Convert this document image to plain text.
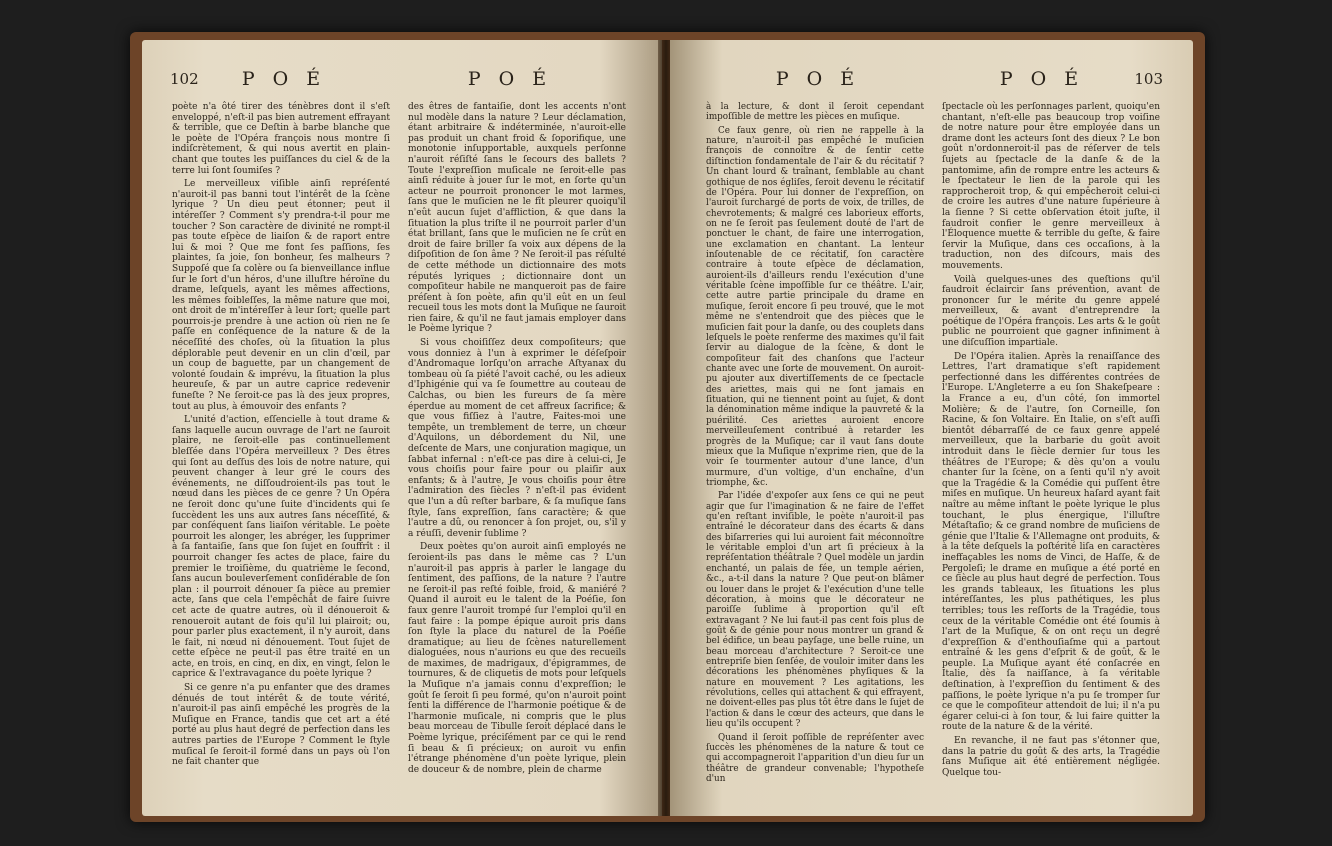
102	P O É	P O É

poète n'a ôté tirer des ténèbres dont il s'eſt enveloppé, n'eſt-il pas bien autrement effrayant & terrible, que ce Deſtin à barbe blanche que le poète de l'Opéra françois nous montre ſi indiſcrètement, & qui nous avertit en plain-chant que toutes les puiſſances du ciel & de la terre lui ſont ſoumiſes ?

Le merveilleux viſible ainſi repréſenté n'auroit-il pas banni tout l'intérêt de la ſcène lyrique ? Un dieu peut étonner; peut il intéreſſer ? Comment s'y prendra-t-il pour me toucher ? Son caractère de divinité ne rompt-il pas toute eſpèce de liaiſon & de raport entre lui & moi ? Que me font ſes paſſions, ſes plaintes, ſa joie, ſon bonheur, ſes malheurs ? Suppoſé que ſa colère ou ſa bienveillance influe ſur le ſort d'un héros, d'une illuſtre héroïne du drame, leſquels, ayant les mêmes affections, les mêmes foibleſſes, la même nature que moi, ont droit de m'intéreſſer à leur ſort; quelle part pourrois-je prendre à une action où rien ne ſe paſſe en conſéquence de la nature & de la néceſſité des choſes, où la ſituation la plus déplorable peut devenir en un clin d'œil, par un coup de baguette, par un changement de volonté ſoudain & imprévu, la ſituation la plus heureuſe, & par un autre caprice redevenir funeſte ? Ne ſeroit-ce pas là des jeux propres, tout au plus, à émouvoir des enfants ?

L'unité d'action, eſſencielle à tout drame & ſans laquelle aucun ouvrage de l'art ne ſauroit plaire, ne ſeroit-elle pas continuellement bleſſée dans l'Opéra merveilleux ? Des êtres qui ſont au deſſus des lois de notre nature, qui peuvent changer à leur gré le cours des événements, ne diſſoudroient-ils pas tout le nœud dans les pièces de ce genre ? Un Opéra ne ſeroit donc qu'une ſuite d'incidents qui ſe ſuccèdent les uns aux autres ſans néceſſité, & par conſéquent ſans liaiſon véritable. Le poète pourroit les alonger, les abréger, les ſupprimer à ſa fantaiſie, ſans que ſon ſujet en ſouffrît : il pourroit changer ſes actes de place, faire du premier le troiſième, du quatrième le ſecond, ſans aucun bouleverſement conſidérable de ſon plan : il pourroit dénouer ſa pièce au premier acte, ſans que cela l'empêchât de faire ſuivre cet acte de quatre autres, où il dénoueroit & renoueroit autant de fois qu'il lui plairoit; ou, pour parler plus exactement, il n'y auroit, dans le fait, ni nœud ni dénouement. Tout ſujet de cette eſpèce ne peut-il pas être traité en un acte, en trois, en cinq, en dix, en vingt, ſelon le caprice & l'extravagance du poète lyrique ?

Si ce genre n'a pu enfanter que des drames dénués de tout intérêt & de toute vérité, n'auroit-il pas ainſi empêché les progrès de la Muſique en France, tandis que cet art a été porté au plus haut degré de perfection dans les autres parties de l'Europe ? Comment le ſtyle muſical ſe ſeroit-il formé dans un pays où l'on ne fait chanter que

des êtres de fantaiſie, dont les accents n'ont nul modèle dans la nature ? Leur déclamation, étant arbitraire & indéterminée, n'auroit-elle pas produit un chant froid & ſoporifique, une monotonie inſupportable, auxquels perſonne n'auroit réſiſté ſans le ſecours des ballets ? Toute l'expreſſion muſicale ne ſeroit-elle pas ainſi réduite à jouer ſur le mot, en ſorte qu'un acteur ne pourroit prononcer le mot larmes, ſans que le muſicien ne le fît pleurer quoiqu'il n'eût aucun ſujet d'affliction, & que dans la ſituation la plus triſte il ne pourroit parler d'un état brillant, ſans que le muſicien ne ſe crût en droit de faire briller ſa voix aux dépens de la diſpoſition de ſon âme ? Ne ſeroit-il pas réſulté de cette méthode un dictionnaire des mots réputés lyriques ; dictionnaire dont un compoſiteur habile ne manqueroit pas de faire préſent à ſon poète, afin qu'il eût en un ſeul recueil tous les mots dont la Muſique ne ſauroit rien faire, & qu'il ne faut jamais employer dans le Poème lyrique ?

Si vous choiſiſſez deux compoſiteurs; que vous donniez à l'un à exprimer le déſeſpoir d'Andromaque lorſqu'on arrache Aſtyanax du tombeau où ſa piété l'avoit caché, ou les adieux d'Iphigénie qui va ſe ſoumettre au couteau de Calchas, ou bien les fureurs de ſa mère éperdue au moment de cet affreux ſacrifice; & que vous fiſſiez à l'autre, Faites-moi une tempête, un tremblement de terre, un chœur d'Aquilons, un débordement du Nil, une deſcente de Mars, une conjuration magique, un ſabbat infernal : n'eſt-ce pas dire à celui-ci, Je vous choiſis pour faire pour ou plaiſir aux enfants; & à l'autre, Je vous choiſis pour être l'admiration des ſiècles ? n'eſt-il pas évident que l'un a dû reſter barbare, & ſa muſique ſans ſtyle, ſans expreſſion, ſans caractère; & que l'autre a dû, ou renoncer à ſon projet, ou, s'il y a réuſſi, devenir ſublime ?

Deux poètes qu'on auroit ainſi employés ne ſeroient-ils pas dans le même cas ? L'un n'auroit-il pas appris à parler le langage du ſentiment, des paſſions, de la nature ? l'autre ne ſeroit-il pas reſté foible, froid, & maniéré ? Quand il auroit eu le talent de la Poéſie, ſon faux genre l'auroit trompé ſur l'emploi qu'il en faut faire : la pompe épique auroit pris dans ſon ſtyle la place du naturel de la Poéſie dramatique; au lieu de ſcènes naturellement dialoguées, nous n'aurions eu que des recueils de maximes, de madrigaux, d'épigrammes, de tournures, & de cliquetis de mots pour leſquels la Muſique n'a jamais connu d'expreſſion; le goût ſe ſeroit ſi peu formé, qu'on n'auroit point ſenti la différence de l'harmonie poétique & de l'harmonie muſicale, ni compris que le plus beau morceau de Tibulle ſeroit déplacé dans le Poème lyrique, préciſément par ce qui le rend ſi beau & ſi précieux; on auroit vu enfin l'étrange phénomène d'un poète lyrique, plein de douceur & de nombre, plein de charme

P O É	P O É	103

à la lecture, & dont il ſeroit cependant impoſſible de mettre les pièces en muſique.

Ce faux genre, où rien ne rappelle à la nature, n'auroit-il pas empêché le muſicien françois de connoître & de ſentir cette diſtinction fondamentale de l'air & du récitatif ? Un chant lourd & traînant, ſemblable au chant gothique de nos égliſes, ſeroit devenu le récitatif de l'Opéra. Pour lui donner de l'expreſſion, on l'auroit ſurchargé de ports de voix, de trilles, de chevrotements; & malgré ces laborieux efforts, on ne ſe ſeroit pas ſeulement douté de l'art de ponctuer le chant, de faire une interrogation, une exclamation en chantant. La lenteur inſoutenable de ce récitatif, ſon caractère contraire à toute eſpèce de déclamation, auroient-ils d'ailleurs rendu l'exécution d'une véritable ſcène impoſſible ſur ce théâtre. L'air, cette autre partie principale du drame en muſique, ſeroit encore ſi peu trouvé, que le mot même ne s'entendroit que des pièces que le muſicien fait pour la danſe, ou des couplets dans leſquels le poète renferme des maximes qu'il fait ſervir au dialogue de la ſcène, & dont le compoſiteur fait des chanſons que l'acteur chante avec une ſorte de mouvement. On auroit-pu ajouter aux divertiſſements de ce ſpectacle des ariettes, mais qui ne ſont jamais en ſituation, qui ne tiennent point au ſujet, & dont la dénomination même indique la pauvreté & la puérilité. Ces ariettes auroient encore merveilleuſement contribué à retarder les progrès de la Muſique; car il vaut ſans doute mieux que la Muſique n'exprime rien, que de la voir ſe tourmenter autour d'une lance, d'un murmure, d'un voltige, d'un enchaîne, d'un triomphe, &c.

Par l'idée d'expoſer aux ſens ce qui ne peut agir que ſur l'imagination & ne faire de l'effet qu'en reſtant inviſible, le poète n'auroit-il pas entraîné le décorateur dans des écarts & dans des biſarreries qui lui auroient fait méconnoître le véritable emploi d'un art ſi précieux à la repréſentation théâtrale ? Quel modèle un jardin enchanté, un palais de fée, un temple aérien, &c., a-t-il dans la nature ? Que peut-on blâmer ou louer dans le projet & l'exécution d'une telle décoration, à moins que le décorateur ne paroiſſe ſublime à proportion qu'il eſt extravagant ? Ne lui faut-il pas cent fois plus de goût & de génie pour nous montrer un grand & bel édifice, un beau payſage, une belle ruine, un beau morceau d'architecture ? Seroit-ce une entrepriſe bien ſenſée, de vouloir imiter dans les décorations les phénomènes phyſiques & la nature en mouvement ? Les agitations, les révolutions, celles qui attachent & qui effrayent, ne doivent-elles pas plus tôt être dans le ſujet de l'action & dans le cœur des acteurs, que dans le lieu qu'ils occupent ?

Quand il ſeroit poſſible de repréſenter avec ſuccès les phénomènes de la nature & tout ce qui accompagneroit l'apparition d'un dieu ſur un théâtre de grandeur convenable; l'hypotheſe d'un

ſpectacle où les perſonnages parlent, quoiqu'en chantant, n'eſt-elle pas beaucoup trop voiſine de notre nature pour être employée dans un drame dont les acteurs ſont des dieux ? Le bon goût n'ordonneroit-il pas de réſerver de tels ſujets au ſpectacle de la danſe & de la pantomime, afin de rompre entre les acteurs & le ſpectateur le lien de la parole qui les rapprocheroit trop, & qui empêcheroit celui-ci de croire les autres d'une nature ſupérieure à la ſienne ? Si cette obſervation étoit juſte, il faudroit confier le genre merveilleux à l'Éloquence muette & terrible du geſte, & faire ſervir la Muſique, dans ces occaſions, à la traduction, non des diſcours, mais des mouvements.

Voilà quelques-unes des queſtions qu'il faudroit éclaircir ſans prévention, avant de prononcer ſur le mérite du genre appelé merveilleux, & avant d'entreprendre la poétique de l'Opéra françois. Les arts & le goût public ne pourroient que gagner infiniment à une diſcuſſion impartiale.

De l'Opéra italien. Après la renaiſſance des Lettres, l'art dramatique s'eſt rapidement perfectionné dans les différentes contrées de l'Europe. L'Angleterre a eu ſon Shakeſpeare : la France a eu, d'un côté, ſon immortel Molière; & de l'autre, ſon Corneille, ſon Racine, & ſon Voltaire. En Italie, on s'eſt auſſi bientôt débarraſſé de ce faux genre appelé merveilleux, que la barbarie du goût avoit introduit dans le ſiècle dernier ſur tous les théâtres de l'Europe; & dès qu'on a voulu chanter ſur la ſcène, on a ſenti qu'il n'y avoit que la Tragédie & la Comédie qui puſſent être miſes en muſique. Un heureux haſard ayant fait naître au même inſtant le poète lyrique le plus touchant, le plus énergique, l'illuſtre Métaſtaſio; & ce grand nombre de muſiciens de génie que l'Italie & l'Allemagne ont produits, & à la tête deſquels la poſtérité liſa en caractères ineffaçables les noms de Vinci, de Haſſe, & de Pergoleſi; le drame en muſique a été porté en ce ſiècle au plus haut degré de perfection. Tous les grands tableaux, les ſituations les plus intéreſſantes, les plus pathétiques, les plus terribles; tous les reſſorts de la Tragédie, tous ceux de la véritable Comédie ont été ſoumis à l'art de la Muſique, & on ont reçu un degré d'expreſſion & d'enthouſiaſme qui a partout entraîné & les gens d'eſprit & de goût, & le peuple. La Muſique ayant été conſacrée en Italie, dès ſa naiſſance, à ſa véritable deſtination, à l'expreſſion du ſentiment & des paſſions, le poète lyrique n'a pu ſe tromper ſur ce que le compoſiteur attendoit de lui; il n'a pu égarer celui-ci à ſon tour, & lui faire quitter la route de la nature & de la vérité.

En revanche, il ne faut pas s'étonner que, dans la patrie du goût & des arts, la Tragédie ſans Muſique ait été entièrement négligée. Quelque tou-
